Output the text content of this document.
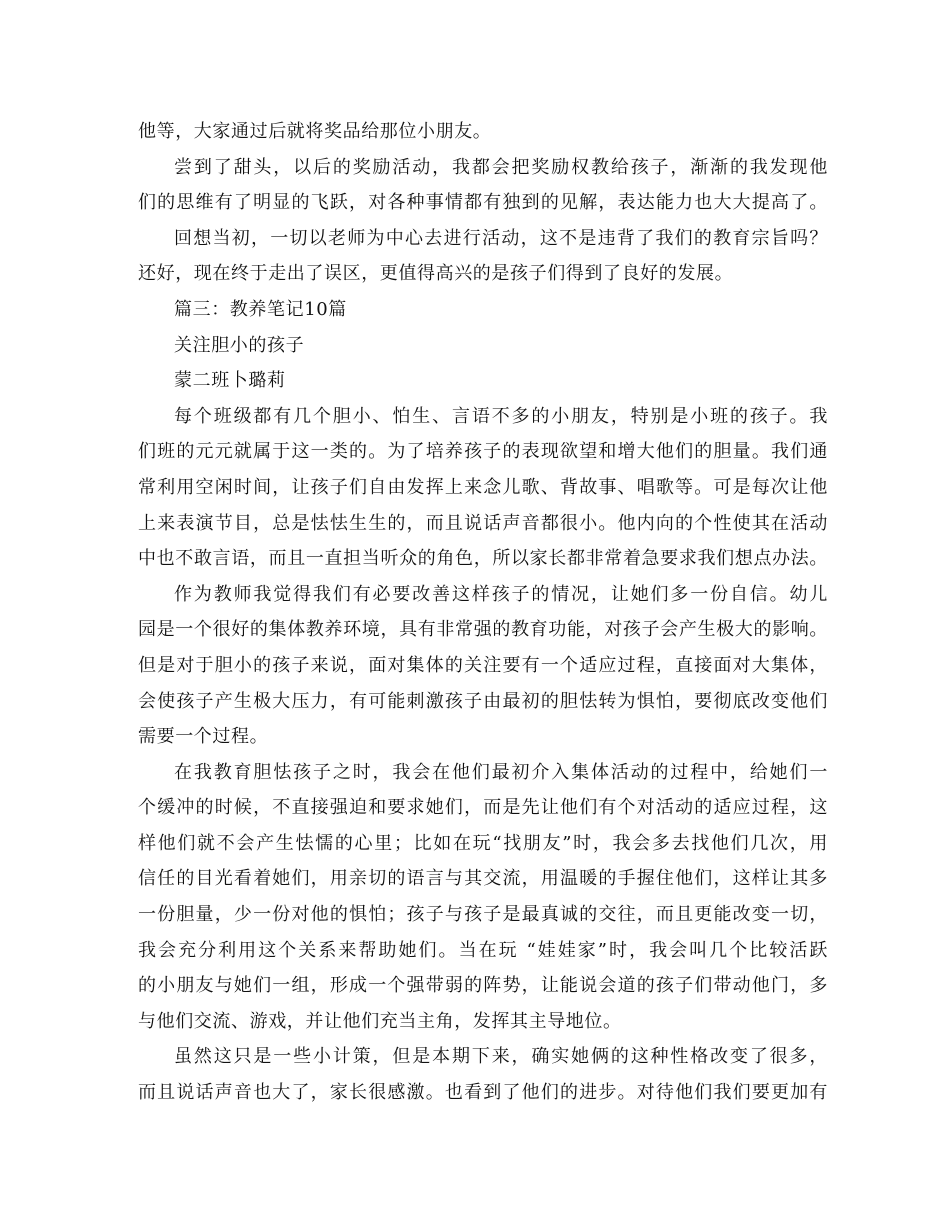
他等，大家通过后就将奖品给那位小朋友。
尝到了甜头，以后的奖励活动，我都会把奖励权教给孩子，渐渐的我发现他
们的思维有了明显的飞跃，对各种事情都有独到的见解，表达能力也大大提高了。
回想当初，一切以老师为中心去进行活动，这不是违背了我们的教育宗旨吗？
还好，现在终于走出了误区，更值得高兴的是孩子们得到了良好的发展。
篇三：教养笔记10篇
关注胆小的孩子
蒙二班卜璐莉
每个班级都有几个胆小、怕生、言语不多的小朋友，特别是小班的孩子。我
们班的元元就属于这一类的。为了培养孩子的表现欲望和增大他们的胆量。我们通
常利用空闲时间，让孩子们自由发挥上来念儿歌、背故事、唱歌等。可是每次让他
上来表演节目，总是怯怯生生的，而且说话声音都很小。他内向的个性使其在活动
中也不敢言语，而且一直担当听众的角色，所以家长都非常着急要求我们想点办法。
作为教师我觉得我们有必要改善这样孩子的情况，让她们多一份自信。幼儿
园是一个很好的集体教养环境，具有非常强的教育功能，对孩子会产生极大的影响。
但是对于胆小的孩子来说，面对集体的关注要有一个适应过程，直接面对大集体，
会使孩子产生极大压力，有可能刺激孩子由最初的胆怯转为惧怕，要彻底改变他们
需要一个过程。
在我教育胆怯孩子之时，我会在他们最初介入集体活动的过程中，给她们一
个缓冲的时候，不直接强迫和要求她们，而是先让他们有个对活动的适应过程，这
样他们就不会产生怯懦的心里；比如在玩“找朋友”时，我会多去找他们几次，用
信任的目光看着她们，用亲切的语言与其交流，用温暖的手握住他们，这样让其多
一份胆量，少一份对他的惧怕；孩子与孩子是最真诚的交往，而且更能改变一切，
我会充分利用这个关系来帮助她们。当在玩 “娃娃家”时，我会叫几个比较活跃
的小朋友与她们一组，形成一个强带弱的阵势，让能说会道的孩子们带动他门，多
与他们交流、游戏，并让他们充当主角，发挥其主导地位。
虽然这只是一些小计策，但是本期下来，确实她俩的这种性格改变了很多，
而且说话声音也大了，家长很感激。也看到了他们的进步。对待他们我们要更加有
